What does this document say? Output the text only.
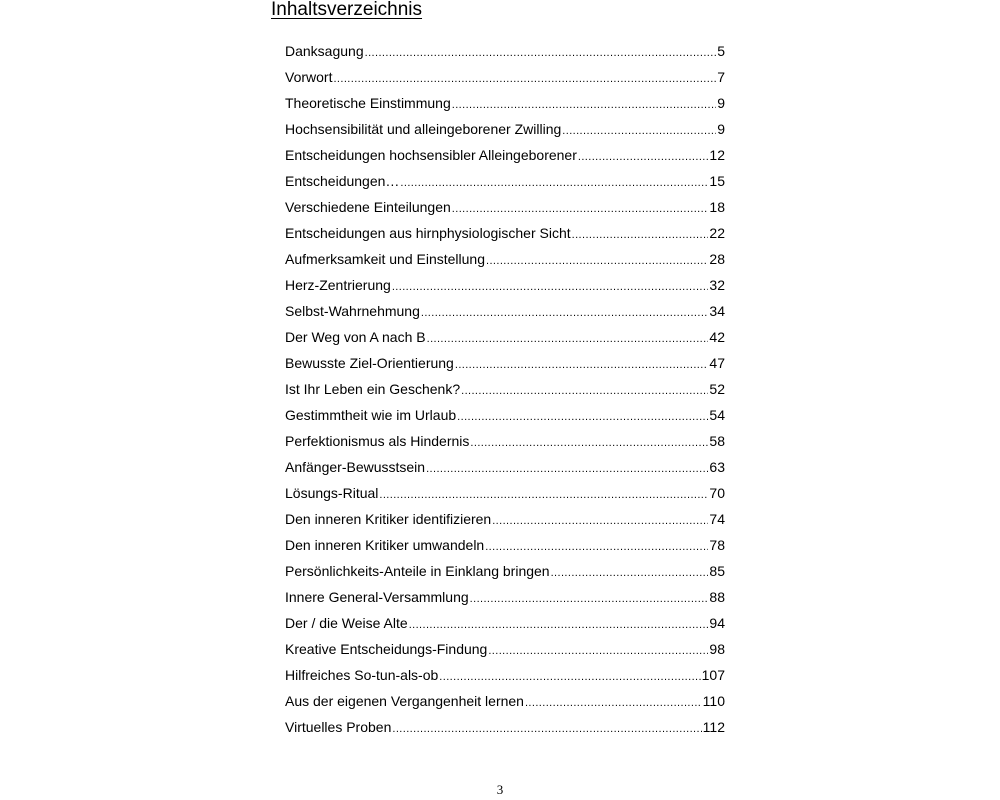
Inhaltsverzeichnis
Danksagung .....	5
Vorwort .....	7
Theoretische Einstimmung .....	9
Hochsensibilität und alleingeborener Zwilling .....	9
Entscheidungen hochsensibler Alleingeborener .....	12
Entscheidungen… .....	15
Verschiedene Einteilungen .....	18
Entscheidungen aus hirnphysiologischer Sicht .....	22
Aufmerksamkeit und Einstellung .....	28
Herz-Zentrierung .....	32
Selbst-Wahrnehmung .....	34
Der Weg von A nach B .....	42
Bewusste Ziel-Orientierung .....	47
Ist Ihr Leben ein Geschenk? .....	52
Gestimmtheit wie im Urlaub .....	54
Perfektionismus als Hindernis .....	58
Anfänger-Bewusstsein .....	63
Lösungs-Ritual .....	70
Den inneren Kritiker identifizieren .....	74
Den inneren Kritiker umwandeln .....	78
Persönlichkeits-Anteile in Einklang bringen .....	85
Innere General-Versammlung .....	88
Der / die Weise Alte .....	94
Kreative Entscheidungs-Findung .....	98
Hilfreiches So-tun-als-ob .....	107
Aus der eigenen Vergangenheit lernen .....	110
Virtuelles Proben .....	112
3
